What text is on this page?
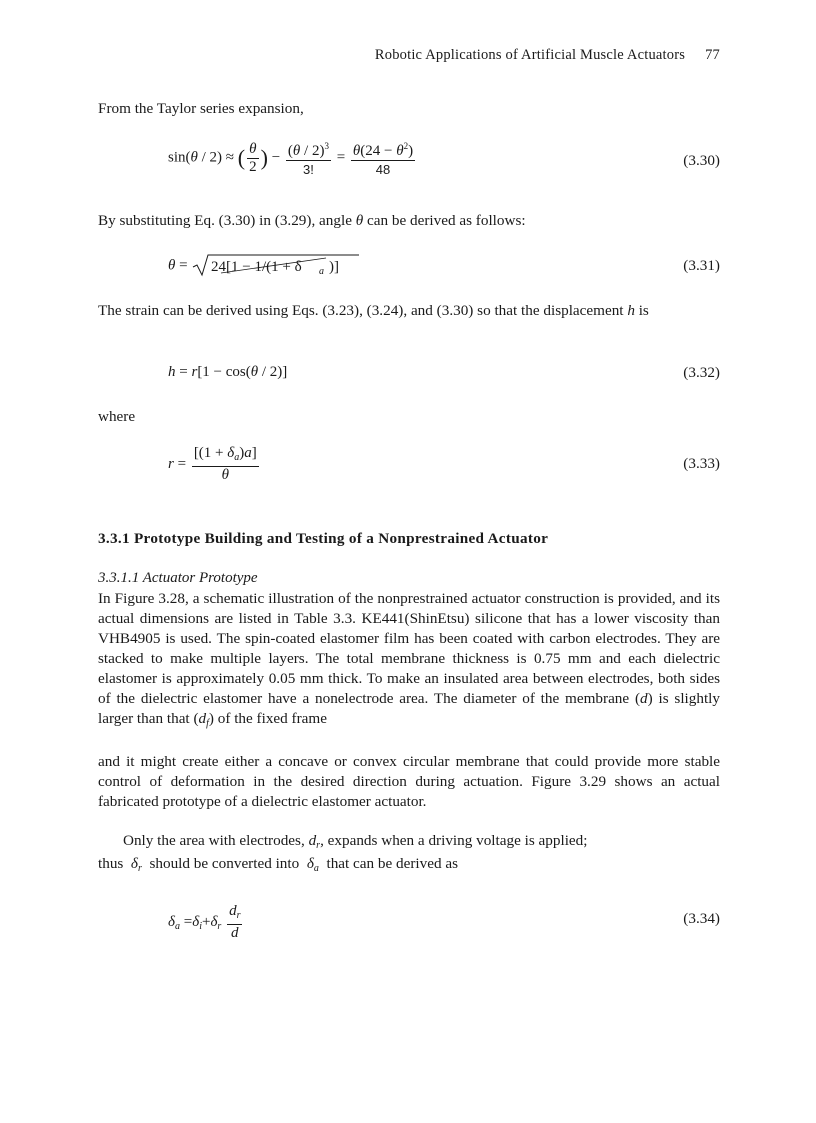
Robotic Applications of Artificial Muscle Actuators 77
From the Taylor series expansion,
sin(θ / 2) ≈ ( $\frac{\theta}{2}$ ) − $\frac{(\theta / 2)^3}{3!} = \frac{\theta(24 - \theta^2)}{48}$	(3.30)
By substituting Eq. (3.30) in (3.29), angle θ can be derived as follows:
θ = 24[1 − 1/(1 + δ a )]	(3.31)
The strain can be derived using Eqs. (3.23), (3.24), and (3.30) so that the displacement h is
h = r[1 − cos(θ / 2)]	(3.32)
where
$r = \frac{[(1 + \delta_a)a]}{\theta}$	(3.33)
3.3.1 Prototype Building and Testing of a Nonprestrained Actuator
3.3.1.1 Actuator Prototype
In Figure 3.28, a schematic illustration of the nonprestrained actuator construction is provided, and its actual dimensions are listed in Table 3.3. KE441(ShinEtsu) silicone that has a lower viscosity than VHB4905 is used. The spin-coated elastomer film has been coated with carbon electrodes. They are stacked to make multiple layers. The total membrane thickness is 0.75 mm and each dielectric elastomer is approximately 0.05 mm thick. To make an insulated area between electrodes, both sides of the dielectric elastomer have a nonelectrode area. The diameter of the membrane (d) is slightly larger than that $(d_f)$ of the fixed frame
and it might create either a concave or convex circular membrane that could provide more stable control of deformation in the desired direction during actuation. Figure 3.29 shows an actual fabricated prototype of a dielectric elastomer actuator.
Only the area with electrodes, $d_r$, expands when a driving voltage is applied;
thus  $\delta_r$ should be converted into  $\delta_a$ that can be derived as
$\delta_a =\delta_i+\delta_r \frac{d_r}{d}$	(3.34)
